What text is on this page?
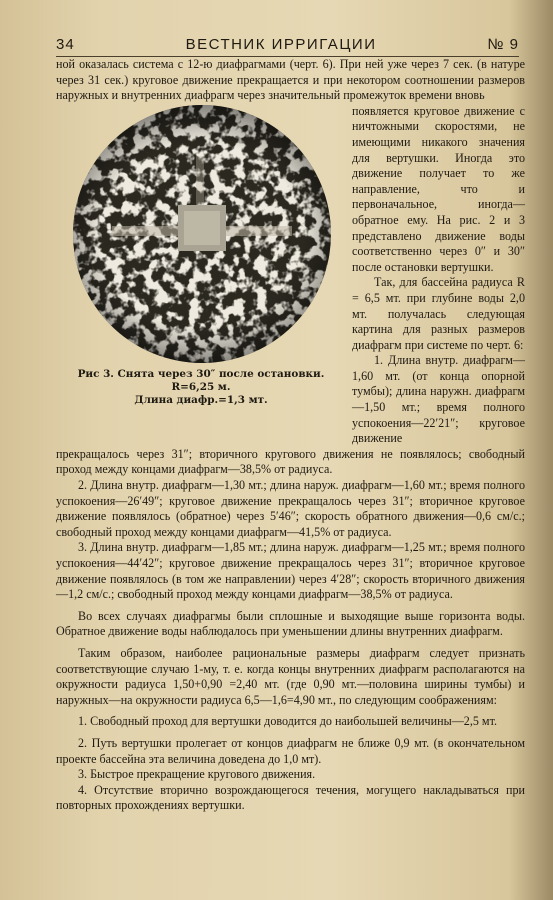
34	ВЕСТНИК ИРРИГАЦИИ	№ 9

ной оказалась система с 12-ю диафрагмами (черт. 6). При ней уже через 7 сек. (в натуре через 31 сек.) круговое движение прекращается и при некотором соотношении размеров наружных и внутренних диафрагм через значительный промежуток времени вновь

Рис 3. Снята через 30″ после остановки. R=6,25 м.
Длина диафр.=1,3 мт.

появляется круговое движение с ничтожными скоростями, не имеющими никакого значения для вертушки. Иногда это движение получает то же направление, что и первоначальное, иногда—обратное ему. На рис. 2 и 3 представлено движение воды соответственно через 0″ и 30″ после остановки вертушки.

Так, для бассейна радиуса R = 6,5 мт. при глубине воды 2,0 мт. получалась следующая картина для разных размеров диафрагм при системе по черт. 6:

1. Длина внутр. диафрагм—1,60 мт. (от конца опорной тумбы); длина наружн. диафрагм—1,50 мт.; время полного успокоения—22′21″; круговое движение

прекращалось через 31″; вторичного кругового движения не появлялось; свободный проход между концами диафрагм—38,5% от радиуса.

2. Длина внутр. диафрагм—1,30 мт.; длина наруж. диафрагм—1,60 мт.; время полного успокоения—26′49″; круговое движение прекращалось через 31″; вторичное круговое движение появлялось (обратное) через 5′46″; скорость обратного движения—0,6 см/с.; свободный проход между концами диафрагм—41,5% от радиуса.

3. Длина внутр. диафрагм—1,85 мт.; длина наруж. диафрагм—1,25 мт.; время полного успокоения—44′42″; круговое движение прекращалось через 31″; вторичное круговое движение появлялось (в том же направлении) через 4′28″; скорость вторичного движения—1,2 см/с.; свободный проход между концами диафрагм—38,5% от радиуса.

Во всех случаях диафрагмы были сплошные и выходящие выше горизонта воды. Обратное движение воды наблюдалось при уменьшении длины внутренних диафрагм.

Таким образом, наиболее рациональные размеры диафрагм следует признать соответствующие случаю 1-му, т. е. когда концы внутренних диафрагм располагаются на окружности радиуса 1,50+0,90 =2,40 мт. (где 0,90 мт.—половина ширины тумбы) и наружных—на окружности радиуса 6,5—1,6=4,90 мт., по следующим соображениям:

1. Свободный проход для вертушки доводится до наибольшей величины—2,5 мт.

2. Путь вертушки пролегает от концов диафрагм не ближе 0,9 мт. (в окончательном проекте бассейна эта величина доведена до 1,0 мт).

3. Быстрое прекращение кругового движения.

4. Отсутствие вторично возрождающегося течения, могущего накладываться при повторных прохождениях вертушки.
